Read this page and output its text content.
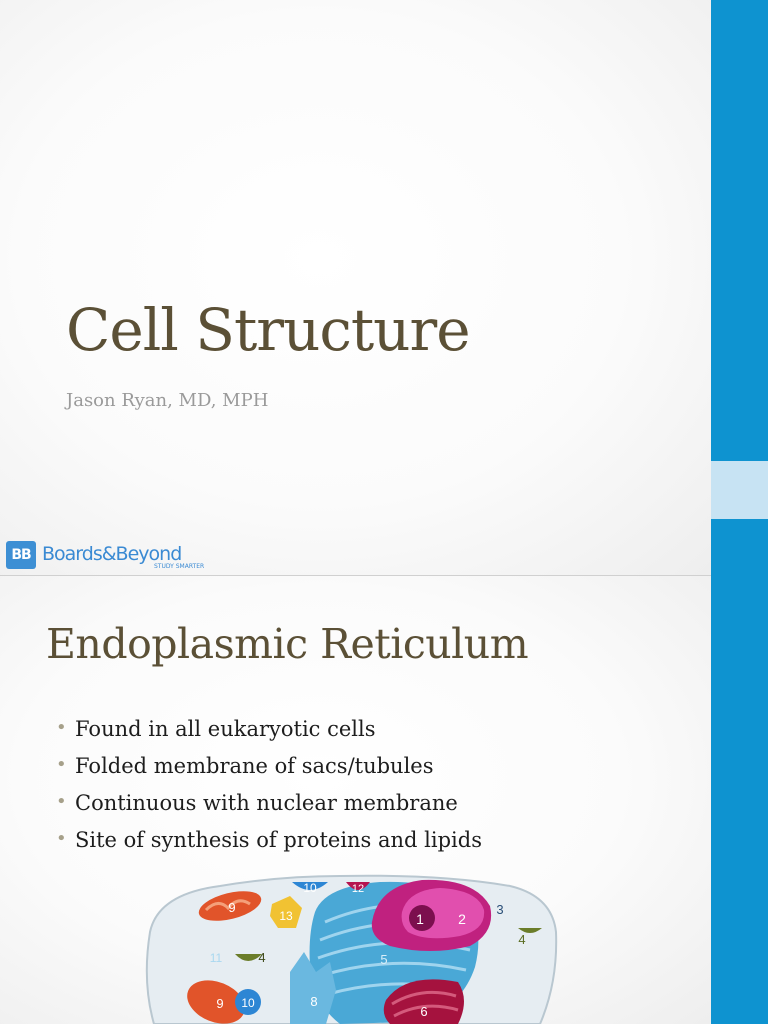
Cell Structure
Jason Ryan, MD, MPH
BB Boards&Beyond
STUDY SMARTER
Endoplasmic Reticulum
• Found in all eukaryotic cells
• Folded membrane of sacs/tubules
• Continuous with nuclear membrane
• Site of synthesis of proteins and lipids
1 2
3
4
4	5
6
8
9
9
10
10
11
12
13
